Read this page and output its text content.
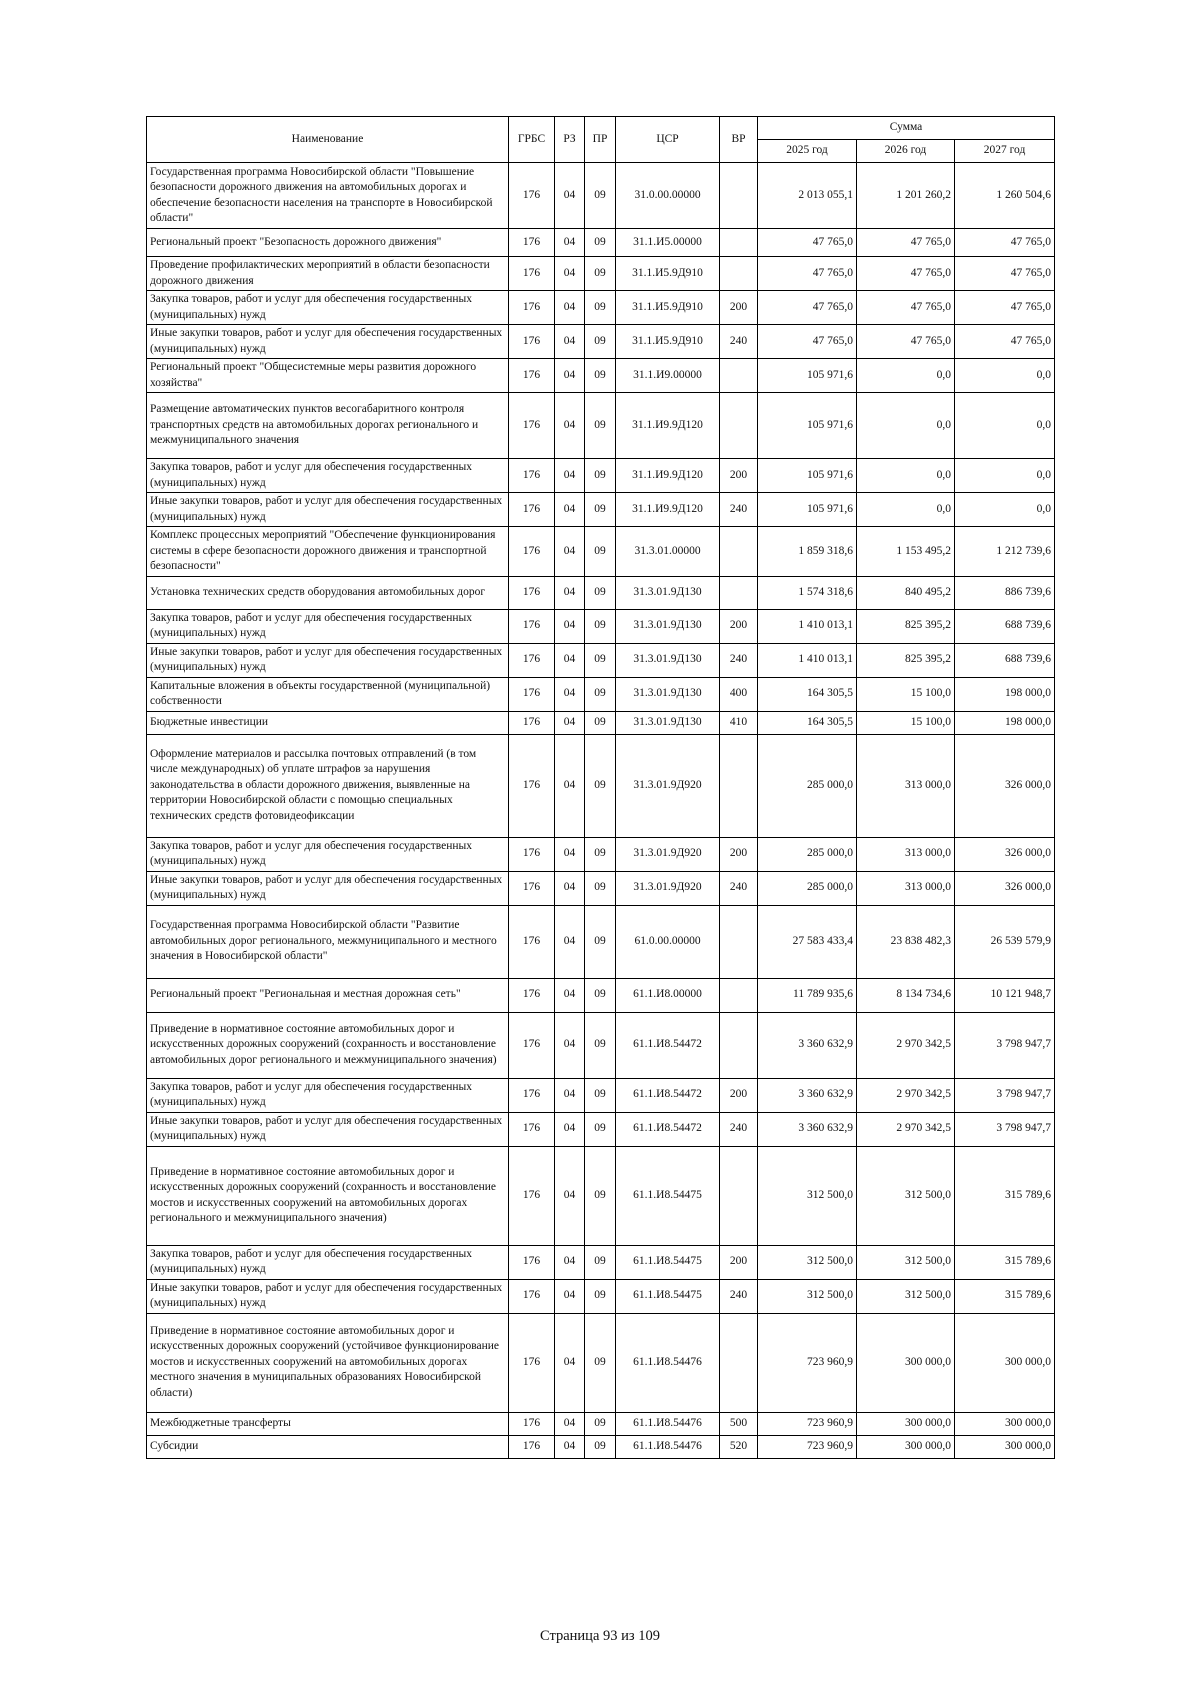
Наименование	ГРБС	РЗ	ПР	ЦСР	ВР	Сумма		
						2025 год	2026 год	2027 год
Государственная программа Новосибирской области "Повышение безопасности дорожного движения на автомобильных дорогах и обеспечение безопасности населения на транспорте в Новосибирской области"	176	04	09	31.0.00.00000		2 013 055,1	1 201 260,2	1 260 504,6
Региональный проект "Безопасность дорожного движения"	176	04	09	31.1.И5.00000		47 765,0	47 765,0	47 765,0
Проведение профилактических мероприятий в области безопасности дорожного движения	176	04	09	31.1.И5.9Д910		47 765,0	47 765,0	47 765,0
Закупка товаров, работ и услуг для обеспечения государственных (муниципальных) нужд	176	04	09	31.1.И5.9Д910	200	47 765,0	47 765,0	47 765,0
Иные закупки товаров, работ и услуг для обеспечения государственных (муниципальных) нужд	176	04	09	31.1.И5.9Д910	240	47 765,0	47 765,0	47 765,0
Региональный проект "Общесистемные меры развития дорожного хозяйства"	176	04	09	31.1.И9.00000		105 971,6	0,0	0,0
Размещение автоматических пунктов весогабаритного контроля транспортных средств на автомобильных дорогах регионального и межмуниципального значения	176	04	09	31.1.И9.9Д120		105 971,6	0,0	0,0
Закупка товаров, работ и услуг для обеспечения государственных (муниципальных) нужд	176	04	09	31.1.И9.9Д120	200	105 971,6	0,0	0,0
Иные закупки товаров, работ и услуг для обеспечения государственных (муниципальных) нужд	176	04	09	31.1.И9.9Д120	240	105 971,6	0,0	0,0
Комплекс процессных мероприятий "Обеспечение функционирования системы в сфере безопасности дорожного движения и транспортной безопасности"	176	04	09	31.3.01.00000		1 859 318,6	1 153 495,2	1 212 739,6
Установка технических средств оборудования автомобильных дорог	176	04	09	31.3.01.9Д130		1 574 318,6	840 495,2	886 739,6
Закупка товаров, работ и услуг для обеспечения государственных (муниципальных) нужд	176	04	09	31.3.01.9Д130	200	1 410 013,1	825 395,2	688 739,6
Иные закупки товаров, работ и услуг для обеспечения государственных (муниципальных) нужд	176	04	09	31.3.01.9Д130	240	1 410 013,1	825 395,2	688 739,6
Капитальные вложения в объекты государственной (муниципальной) собственности	176	04	09	31.3.01.9Д130	400	164 305,5	15 100,0	198 000,0
Бюджетные инвестиции	176	04	09	31.3.01.9Д130	410	164 305,5	15 100,0	198 000,0
Оформление материалов и рассылка почтовых отправлений (в том числе международных) об уплате штрафов за нарушения законодательства в области дорожного движения, выявленные на территории Новосибирской области с помощью специальных технических средств фотовидеофиксации	176	04	09	31.3.01.9Д920		285 000,0	313 000,0	326 000,0
Закупка товаров, работ и услуг для обеспечения государственных (муниципальных) нужд	176	04	09	31.3.01.9Д920	200	285 000,0	313 000,0	326 000,0
Иные закупки товаров, работ и услуг для обеспечения государственных (муниципальных) нужд	176	04	09	31.3.01.9Д920	240	285 000,0	313 000,0	326 000,0
Государственная программа Новосибирской области "Развитие автомобильных дорог регионального, межмуниципального и местного значения в Новосибирской области"	176	04	09	61.0.00.00000		27 583 433,4	23 838 482,3	26 539 579,9
Региональный проект "Региональная и местная дорожная сеть"	176	04	09	61.1.И8.00000		11 789 935,6	8 134 734,6	10 121 948,7
Приведение в нормативное состояние автомобильных дорог и искусственных дорожных сооружений (сохранность и восстановление автомобильных дорог регионального и межмуниципального значения)	176	04	09	61.1.И8.54472		3 360 632,9	2 970 342,5	3 798 947,7
Закупка товаров, работ и услуг для обеспечения государственных (муниципальных) нужд	176	04	09	61.1.И8.54472	200	3 360 632,9	2 970 342,5	3 798 947,7
Иные закупки товаров, работ и услуг для обеспечения государственных (муниципальных) нужд	176	04	09	61.1.И8.54472	240	3 360 632,9	2 970 342,5	3 798 947,7
Приведение в нормативное состояние автомобильных дорог и искусственных дорожных сооружений (сохранность и восстановление мостов и искусственных сооружений на автомобильных дорогах регионального и межмуниципального значения)	176	04	09	61.1.И8.54475		312 500,0	312 500,0	315 789,6
Закупка товаров, работ и услуг для обеспечения государственных (муниципальных) нужд	176	04	09	61.1.И8.54475	200	312 500,0	312 500,0	315 789,6
Иные закупки товаров, работ и услуг для обеспечения государственных (муниципальных) нужд	176	04	09	61.1.И8.54475	240	312 500,0	312 500,0	315 789,6
Приведение в нормативное состояние автомобильных дорог и искусственных дорожных сооружений (устойчивое функционирование мостов и искусственных сооружений на автомобильных дорогах местного значения в муниципальных образованиях Новосибирской области)	176	04	09	61.1.И8.54476		723 960,9	300 000,0	300 000,0
Межбюджетные трансферты	176	04	09	61.1.И8.54476	500	723 960,9	300 000,0	300 000,0
Субсидии	176	04	09	61.1.И8.54476	520	723 960,9	300 000,0	300 000,0
Страница 93 из 109
